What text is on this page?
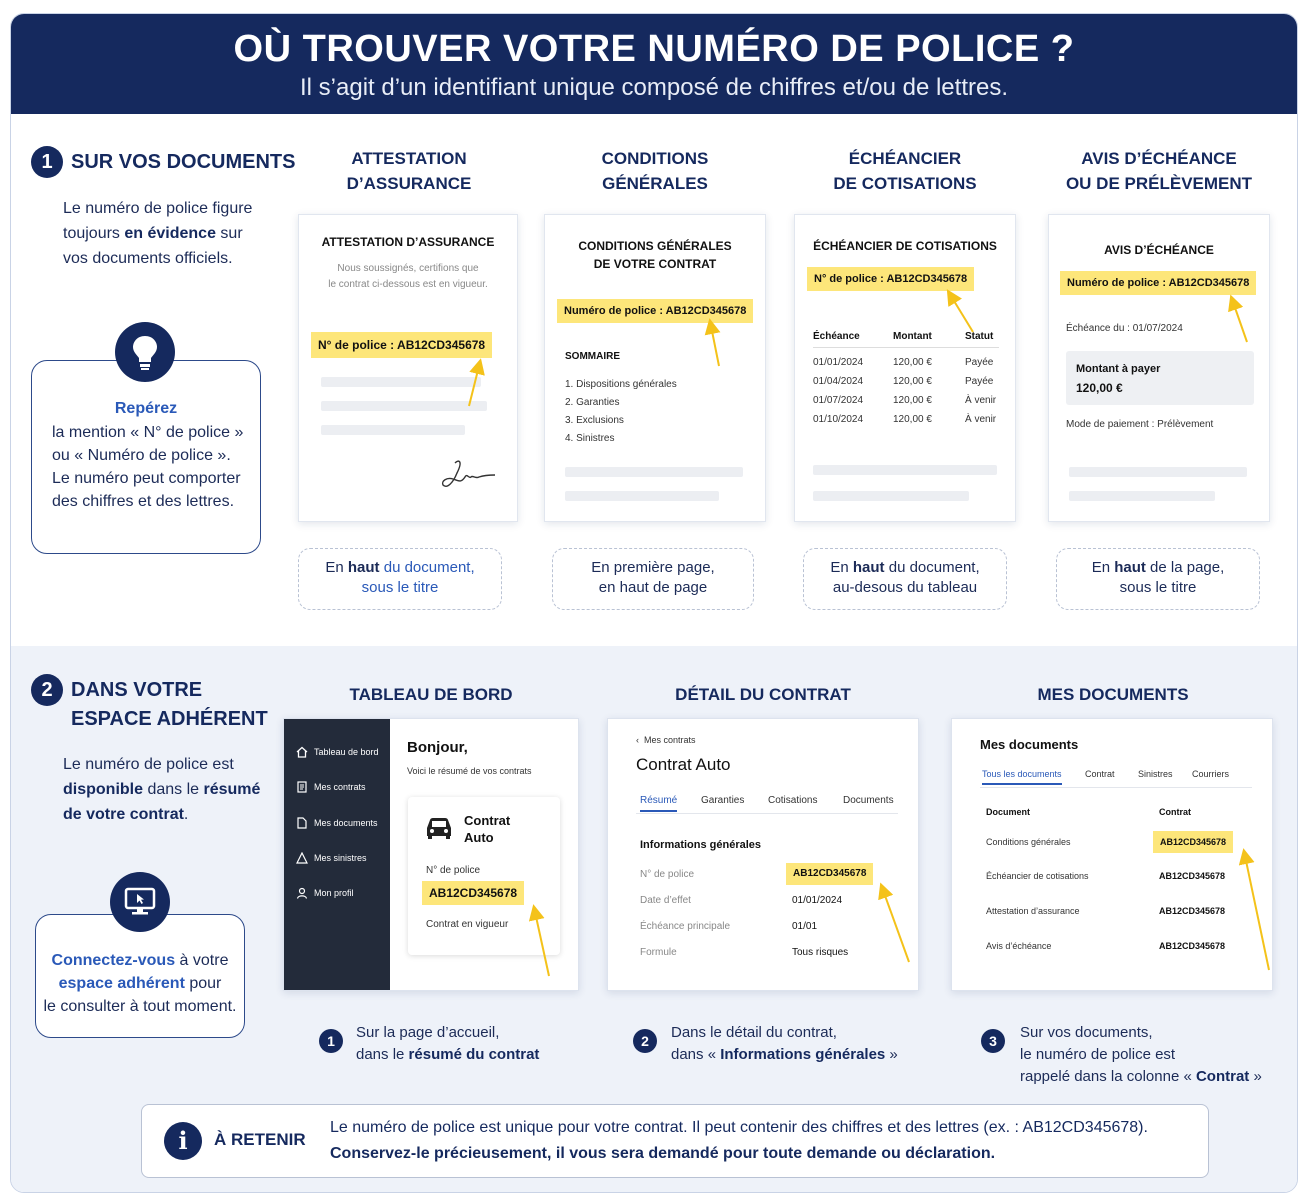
OÙ TROUVER VOTRE NUMÉRO DE POLICE ?

Il s’agit d’un identifiant unique composé de chiffres et/ou de lettres.

1 SUR VOS DOCUMENTS
Le numéro de police figure toujours en évidence sur vos documents officiels.
Repérez
la mention « N° de police »
ou « Numéro de police ».
Le numéro peut comporter
des chiffres et des lettres.
ATTESTATION
D’ASSURANCE
CONDITIONS
GÉNÉRALES
ÉCHÉANCIER
DE COTISATIONS
AVIS D’ÉCHÉANCE
OU DE PRÉLÈVEMENT
ATTESTATION D’ASSURANCE
Nous soussignés, certifions que
le contrat ci-dessous est en vigueur.
N° de police : AB12CD345678
CONDITIONS GÉNÉRALES
DE VOTRE CONTRAT
Numéro de police : AB12CD345678
SOMMAIRE
1. Dispositions générales
2. Garanties
3. Exclusions
4. Sinistres
ÉCHÉANCIER DE COTISATIONS
N° de police : AB12CD345678
Échéance	Montant	Statut
01/01/2024	120,00 €	Payée
01/04/2024	120,00 €	Payée
01/07/2024	120,00 €	À venir
01/10/2024	120,00 €	À venir
AVIS D’ÉCHÉANCE
Numéro de police : AB12CD345678
Échéance du : 01/07/2024
Montant à payer
120,00 €
Mode de paiement : Prélèvement
En haut du document,
sous le titre
En première page,
en haut de page
En haut du document,
au-desous du tableau
En haut de la page,
sous le titre
2 DANS VOTRE
ESPACE ADHÉRENT
Le numéro de police est
disponible dans le résumé
de votre contrat.
Connectez-vous à votre
espace adhérent pour
le consulter à tout moment.
TABLEAU DE BORD	DÉTAIL DU CONTRAT	MES DOCUMENTS
Tableau de bord
Mes contrats
Mes documents
Mes sinistres
Mon profil
Bonjour,
Voici le résumé de vos contrats
Contrat
Auto
N° de police
AB12CD345678
Contrat en vigueur
‹  Mes contrats
Contrat Auto
Résumé Garanties Cotisations	Documents
Informations générales
N° de police	AB12CD345678
Date d’effet	01/01/2024
Échéance principale	01/01
Formule	Tous risques
Mes documents
Tous les documents	Contrat	Sinistres Courriers
Document	Contrat
Conditions générales	AB12CD345678
Échéancier de cotisations	AB12CD345678
Attestation d’assurance	AB12CD345678
Avis d’échéance	AB12CD345678
1	Sur la page d’accueil,
dans le résumé du contrat
2	Dans le détail du contrat,
dans « Informations générales »
3	Sur vos documents,
le numéro de police est
rappelé dans la colonne « Contrat »
i	À RETENIR
Le numéro de police est unique pour votre contrat. Il peut contenir des chiffres et des lettres (ex. : AB12CD345678).
Conservez-le précieusement, il vous sera demandé pour toute demande ou déclaration.
